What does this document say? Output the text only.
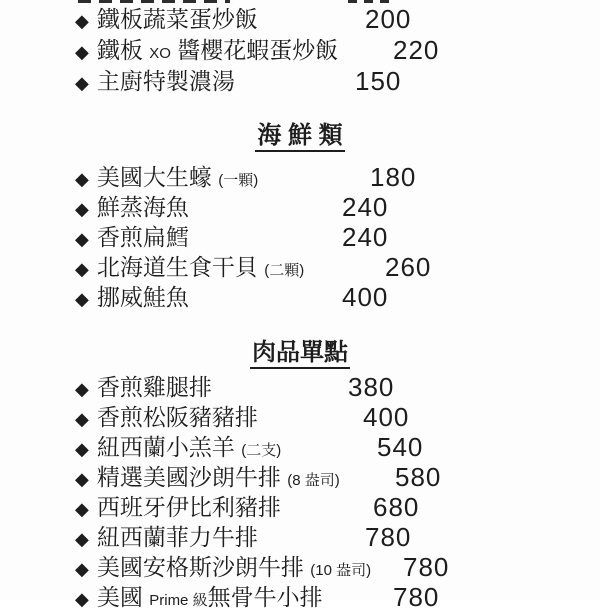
◆ 鐵板蔬菜蛋炒飯	200
◆ 鐵板 XO 醬櫻花蝦蛋炒飯 220
◆ 主廚特製濃湯	150
海 鮮 類
◆ 美國大生蠔 (一顆)	180
◆ 鮮蒸海魚	240
◆ 香煎扁鱈	240
◆ 北海道生食干貝 (二顆)	260
◆ 挪威鮭魚	400
肉品單點
◆ 香煎雞腿排	380
◆ 香煎松阪豬豬排	400
◆ 紐西蘭小羔羊 (二支)	540
◆ 精選美國沙朗牛排 (8 盎司) 580
◆ 西班牙伊比利豬排	680
◆ 紐西蘭菲力牛排	780
◆ 美國安格斯沙朗牛排 (10 盎司) 780
◆ 美國 Prime 級無骨牛小排	780
